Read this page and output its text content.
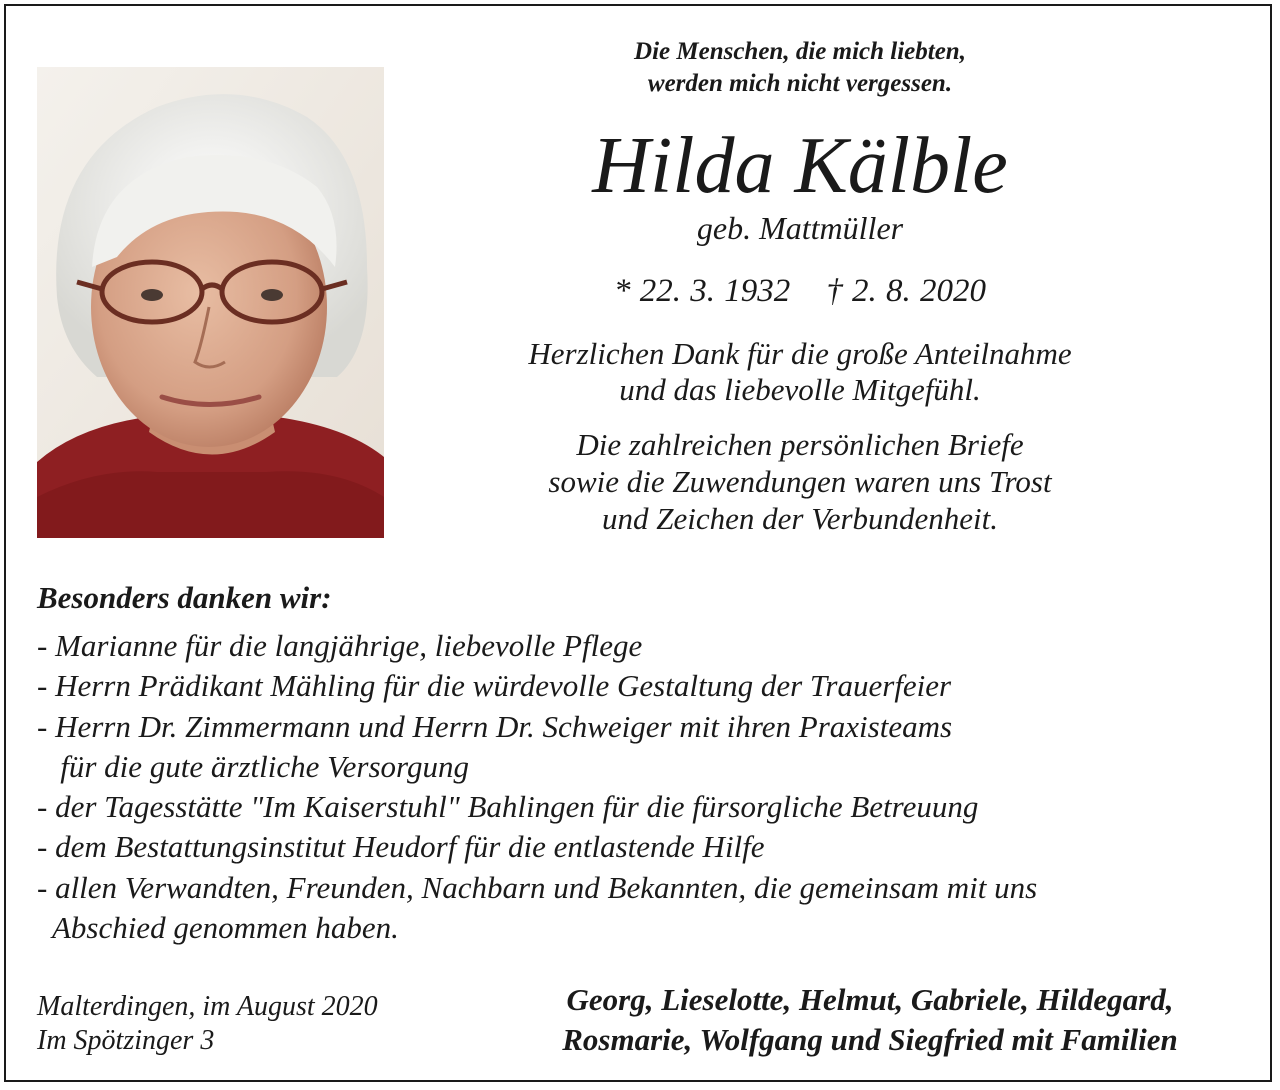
Die Menschen, die mich liebten,
werden mich nicht vergessen.
Hilda Kälble
geb. Mattmüller
* 22. 3. 1932 † 2. 8. 2020
Herzlichen Dank für die große Anteilnahme
und das liebevolle Mitgefühl.
Die zahlreichen persönlichen Briefe
sowie die Zuwendungen waren uns Trost
und Zeichen der Verbundenheit.
Besonders danken wir:
- Marianne für die langjährige, liebevolle Pflege
- Herrn Prädikant Mähling für die würdevolle Gestaltung der Trauerfeier
- Herrn Dr. Zimmermann und Herrn Dr. Schweiger mit ihren Praxisteams
für die gute ärztliche Versorgung
- der Tagesstätte "Im Kaiserstuhl" Bahlingen für die fürsorgliche Betreuung
- dem Bestattungsinstitut Heudorf für die entlastende Hilfe
- allen Verwandten, Freunden, Nachbarn und Bekannten, die gemeinsam mit uns
Abschied genommen haben.
Malterdingen, im August 2020
Im Spötzinger 3
Georg, Lieselotte, Helmut, Gabriele, Hildegard,
Rosmarie, Wolfgang und Siegfried mit Familien
